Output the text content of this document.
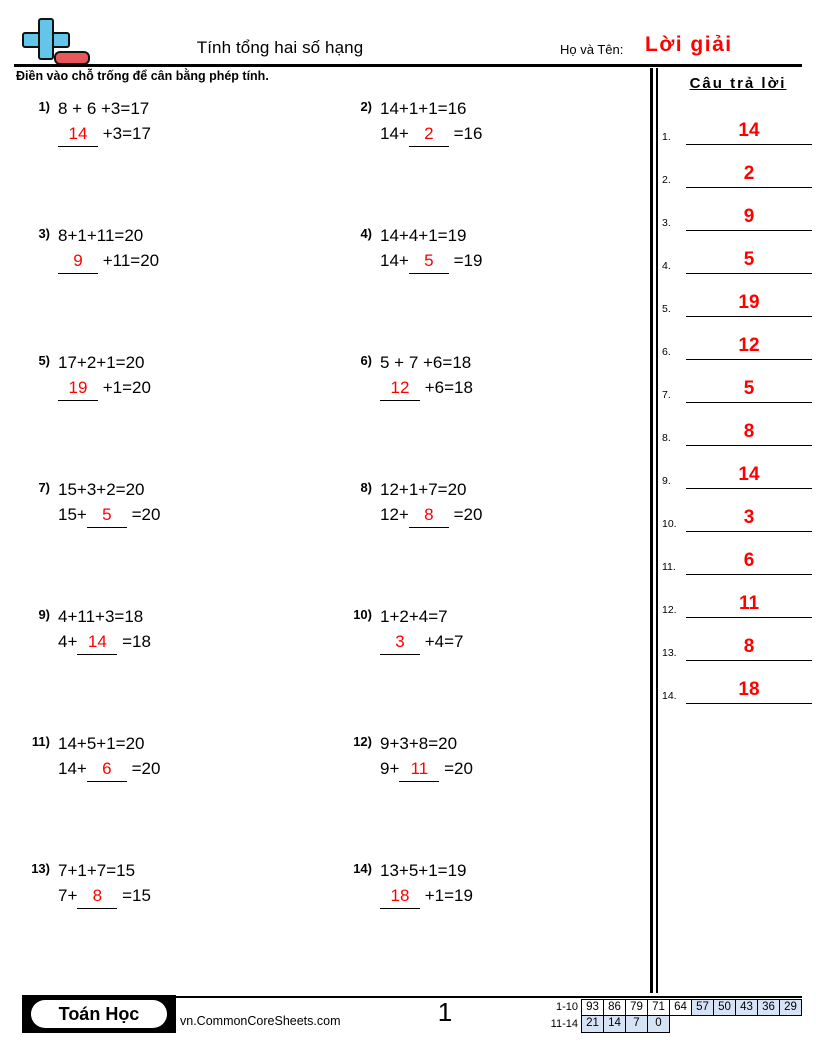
Tính tổng hai số hạng	Họ và Tên: Lời giải
Điền vào chỗ trống để cân bằng phép tính.
1) 8 + 6 +3=17
14 +3=17
2) 14+1+1=16
14+ 2 =16
3) 8+1+11=20
9 +11=20
4) 14+4+1=19
14+ 5 =19
5) 17+2+1=20
19 +1=20
6) 5 + 7 +6=18
12 +6=18
7) 15+3+2=20
15+ 5 =20
8) 12+1+7=20
12+ 8 =20
9) 4+11+3=18
4+ 14 =18
10) 1+2+4=7
3 +4=7
11) 14+5+1=20
14+ 6 =20
12) 9+3+8=20
9+ 11 =20
13) 7+1+7=15
7+ 8 =15
14) 13+5+1=19
18 +1=19
Câu trả lời
1.	14
2.	2
3.	9
4.	5
5.	19
6.	12
7.	5
8.	8
9.	14
10.	3
11.	6
12.	11
13.	8
14.	18
Toán Học	vn.CommonCoreSheets.com	1	1-10 93 86 79 71 64 57 50 43 36 29
11-14 21 14	7	0
